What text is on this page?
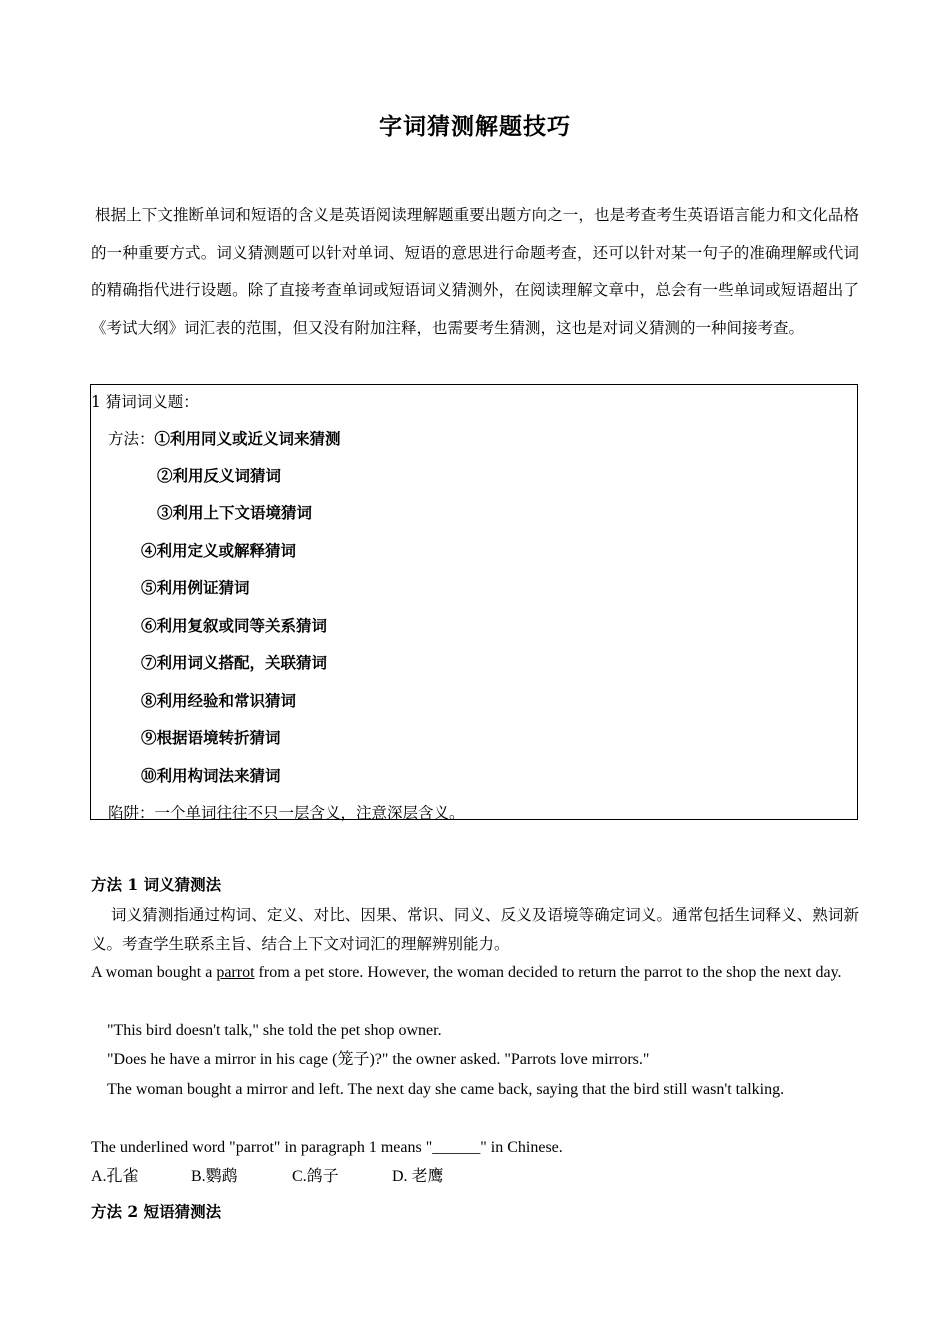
字词猜测解题技巧
根据上下文推断单词和短语的含义是英语阅读理解题重要出题方向之一，也是考查考生英语语言能力和文化品格的一种重要方式。词义猜测题可以针对单词、短语的意思进行命题考查，还可以针对某一句子的准确理解或代词的精确指代进行设题。除了直接考查单词或短语词义猜测外，在阅读理解文章中，总会有一些单词或短语超出了《考试大纲》词汇表的范围，但又没有附加注释，也需要考生猜测，这也是对词义猜测的一种间接考查。
1 猜词词义题：
方法：①利用同义或近义词来猜测
②利用反义词猜词
③利用上下文语境猜词
④利用定义或解释猜词
⑤利用例证猜词
⑥利用复叙或同等关系猜词
⑦利用词义搭配，关联猜词
⑧利用经验和常识猜词
⑨根据语境转折猜词
⑩利用构词法来猜词
陷阱：一个单词往往不只一层含义，注意深层含义。
方法 1 词义猜测法
词义猜测指通过构词、定义、对比、因果、常识、同义、反义及语境等确定词义。通常包括生词释义、熟词新义。考查学生联系主旨、结合上下文对词汇的理解辨别能力。
A woman bought a parrot from a pet store. However, the woman decided to return the parrot to the shop the next day.
"This bird doesn't talk," she told the pet shop owner.
"Does he have a mirror in his cage (笼子)?" the owner asked. "Parrots love mirrors."
The woman bought a mirror and left. The next day she came back, saying that the bird still wasn't talking.
The underlined word "parrot" in paragraph 1 means "______" in Chinese.
A.孔雀	B.鹦鹉	C.鸽子	D. 老鹰
方法 2 短语猜测法
